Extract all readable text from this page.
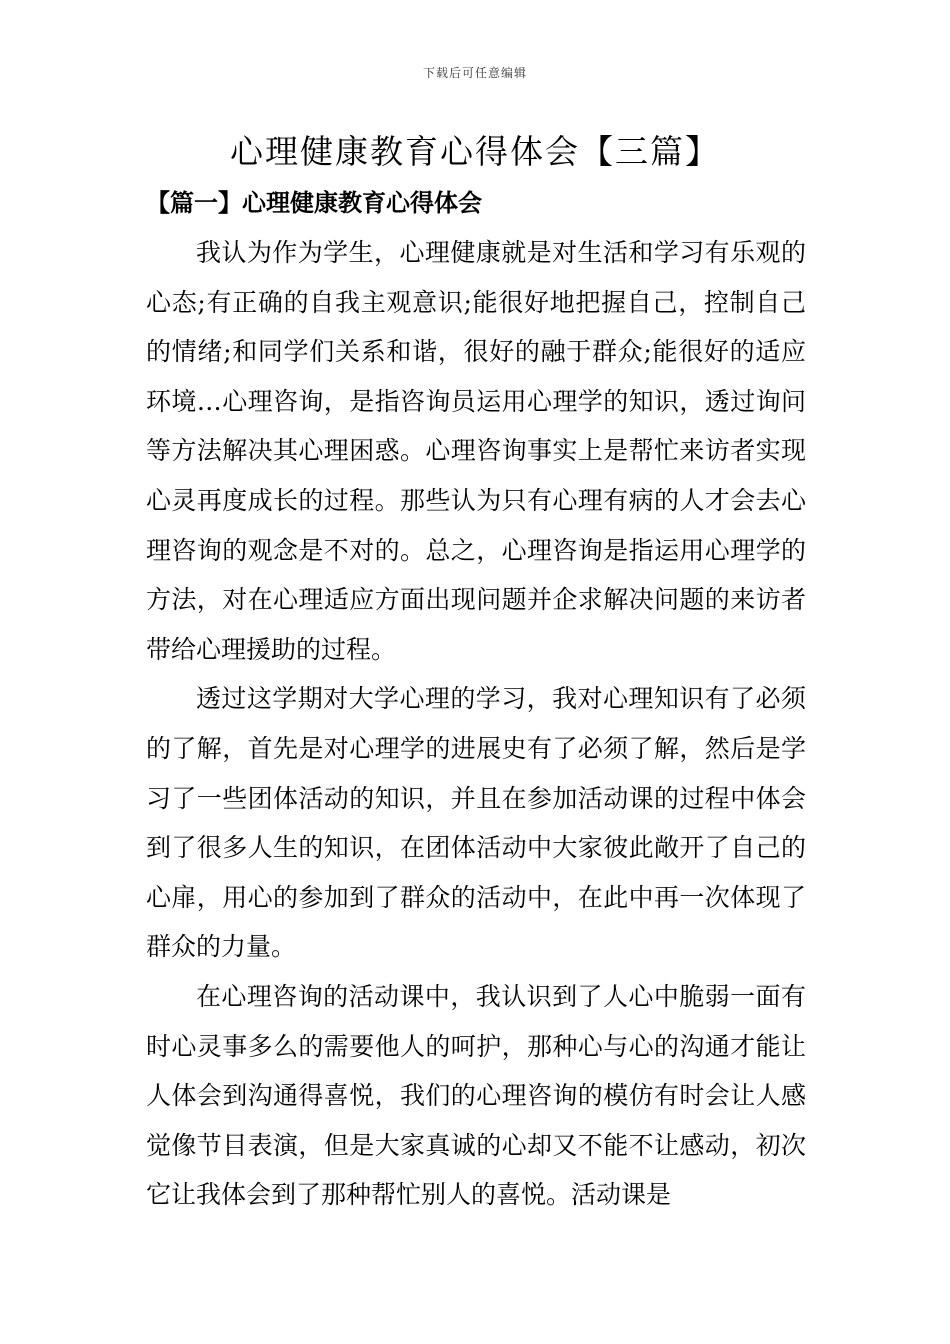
下载后可任意编辑
心理健康教育心得体会【三篇】
【篇一】心理健康教育心得体会

我认为作为学生，心理健康就是对生活和学习有乐观的心态;有正确的自我主观意识;能很好地把握自己，控制自己的情绪;和同学们关系和谐，很好的融于群众;能很好的适应环境…心理咨询，是指咨询员运用心理学的知识，透过询问等方法解决其心理困惑。心理咨询事实上是帮忙来访者实现心灵再度成长的过程。那些认为只有心理有病的人才会去心理咨询的观念是不对的。总之，心理咨询是指运用心理学的方法，对在心理适应方面出现问题并企求解决问题的来访者带给心理援助的过程。

透过这学期对大学心理的学习，我对心理知识有了必须的了解，首先是对心理学的进展史有了必须了解，然后是学习了一些团体活动的知识，并且在参加活动课的过程中体会到了很多人生的知识，在团体活动中大家彼此敞开了自己的心扉，用心的参加到了群众的活动中，在此中再一次体现了群众的力量。

在心理咨询的活动课中，我认识到了人心中脆弱一面有时心灵事多么的需要他人的呵护，那种心与心的沟通才能让人体会到沟通得喜悦，我们的心理咨询的模仿有时会让人感觉像节目表演，但是大家真诚的心却又不能不让感动，初次它让我体会到了那种帮忙别人的喜悦。活动课是
